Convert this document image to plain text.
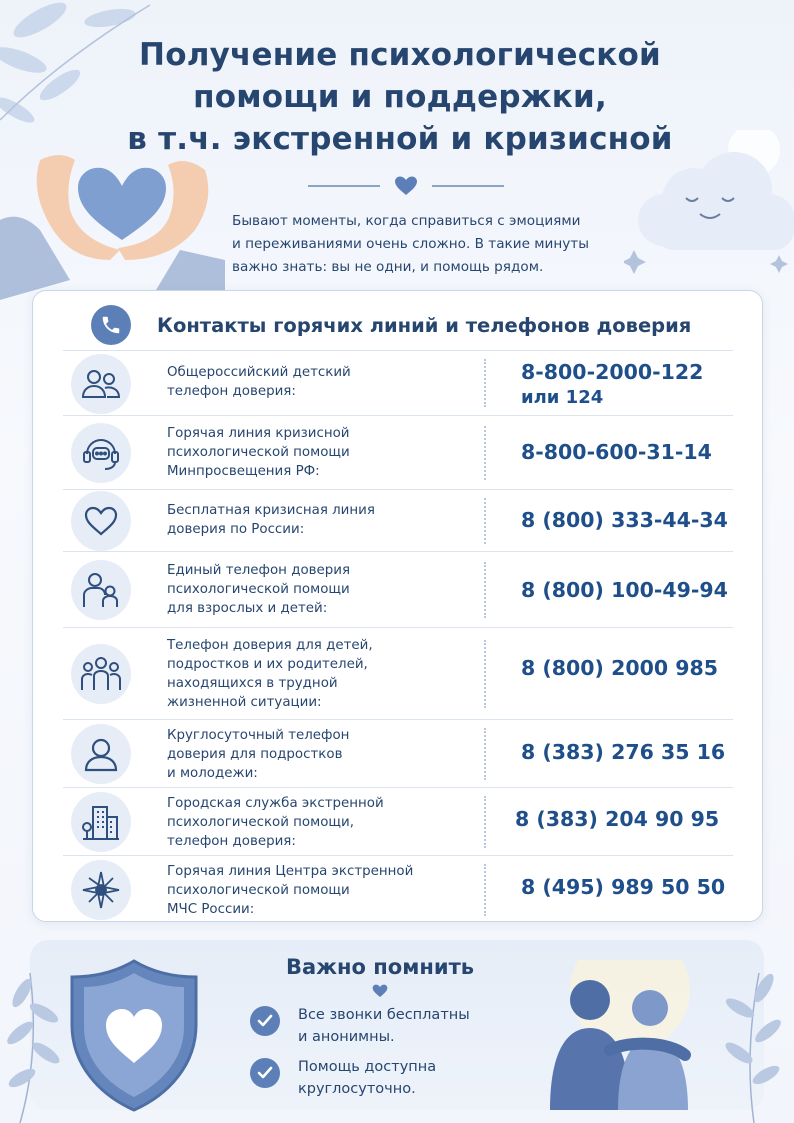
Получение психологической
помощи и поддержки,
в т.ч. экстренной и кризисной
Бывают моменты, когда справиться с эмоциями
и переживаниями очень сложно. В такие минуты
важно знать: вы не одни, и помощь рядом.
Контакты горячих линий и телефонов доверия
Общероссийский детский
телефон доверия:
8-800-2000-122
или 124
Горячая линия кризисной
психологической помощи
Минпросвещения РФ:
8-800-600-31-14
Бесплатная кризисная линия
доверия по России:	8 (800) 333-44-34
Единый телефон доверия
психологической помощи
для взрослых и детей:
8 (800) 100-49-94
Телефон доверия для детей,
подростков и их родителей,
находящихся в трудной
жизненной ситуации:
8 (800) 2000 985
Круглосуточный телефон
доверия для подростков
и молодежи:
8 (383) 276 35 16
Городская служба экстренной
психологической помощи,
телефон доверия:
8 (383) 204 90 95
Горячая линия Центра экстренной
психологической помощи
МЧС России:
8 (495) 989 50 50
Важно помнить
Все звонки бесплатны
и анонимны.
Помощь доступна
круглосуточно.
